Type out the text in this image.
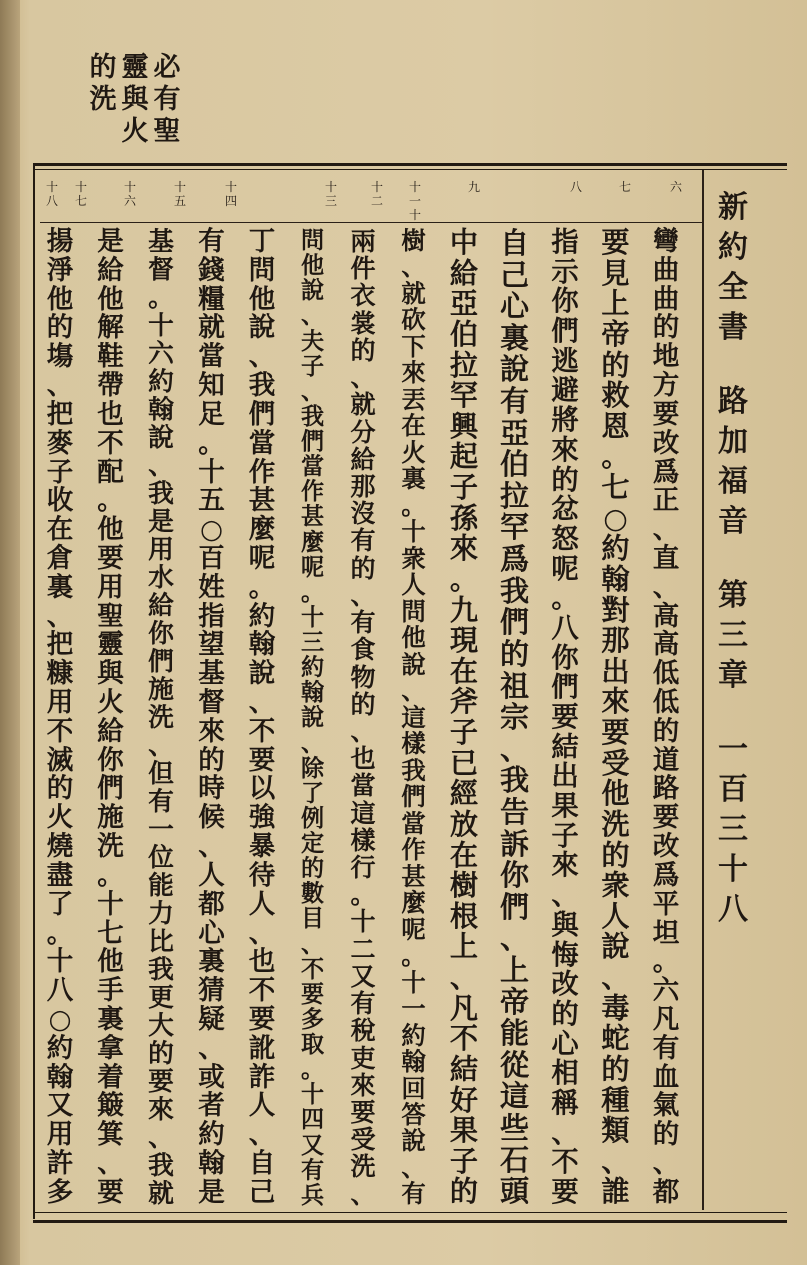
必
有
聖
靈
與
火
的
洗
六
七
八
九
十
一
十
十
二
十
三
十
四
十
五
十
六
十
七
十
八
彎
曲
曲
的
地
方
要
改
爲
正
、
直
、
高
高
低
低
的
道
路
要
改
爲
平
坦
。
六
凡
有
血
氣
的
、
都
要
見
上
帝
的
救
恩
。
七
○
約
翰
對
那
出
來
要
受
他
洗
的
衆
人
說
、
毒
蛇
的
種
類
、
誰
指
示
你
們
逃
避
將
來
的
忿
怒
呢
。
八
你
們
要
結
出
果
子
來
、
與
悔
改
的
心
相
稱
、
不
要
自
己
心
裏
說
有
亞
伯
拉
罕
爲
我
們
的
祖
宗
、
我
告
訴
你
們
、
上
帝
能
從
這
些
石
頭
中
給
亞
伯
拉
罕
興
起
子
孫
來
。
九
現
在
斧
子
已
經
放
在
樹
根
上
、
凡
不
結
好
果
子
的
樹
、
就
砍
下
來
丟
在
火
裏
。
十
衆
人
問
他
說
、
這
樣
我
們
當
作
甚
麼
呢
。
十
一
約
翰
回
答
說
、
有
兩
件
衣
裳
的
、
就
分
給
那
沒
有
的
、
有
食
物
的
、
也
當
這
樣
行
。
十
二
又
有
稅
吏
來
要
受
洗
、
問
他
說
、
夫
子
、
我
們
當
作
甚
麼
呢
。
十
三
約
翰
說
、
除
了
例
定
的
數
目
、
不
要
多
取
。
十
四
又
有
兵
丁
問
他
說
、
我
們
當
作
甚
麼
呢
。
約
翰
說
、
不
要
以
強
暴
待
人
、
也
不
要
訛
詐
人
、
自
己
有
錢
糧
就
當
知
足
。
十
五
○
百
姓
指
望
基
督
來
的
時
候
、
人
都
心
裏
猜
疑
、
或
者
約
翰
是
基
督
。
十
六
約
翰
說
、
我
是
用
水
給
你
們
施
洗
、
但
有
一
位
能
力
比
我
更
大
的
要
來
、
我
就
是
給
他
解
鞋
帶
也
不
配
。
他
要
用
聖
靈
與
火
給
你
們
施
洗
。
十
七
他
手
裏
拿
着
簸
箕
、
要
揚
淨
他
的
塲
、
把
麥
子
收
在
倉
裏
、
把
糠
用
不
滅
的
火
燒
盡
了
。
十
八
○
約
翰
又
用
許
多
新
約
全
書
路
加
福
音
第
三
章
一
百
三
十
八
